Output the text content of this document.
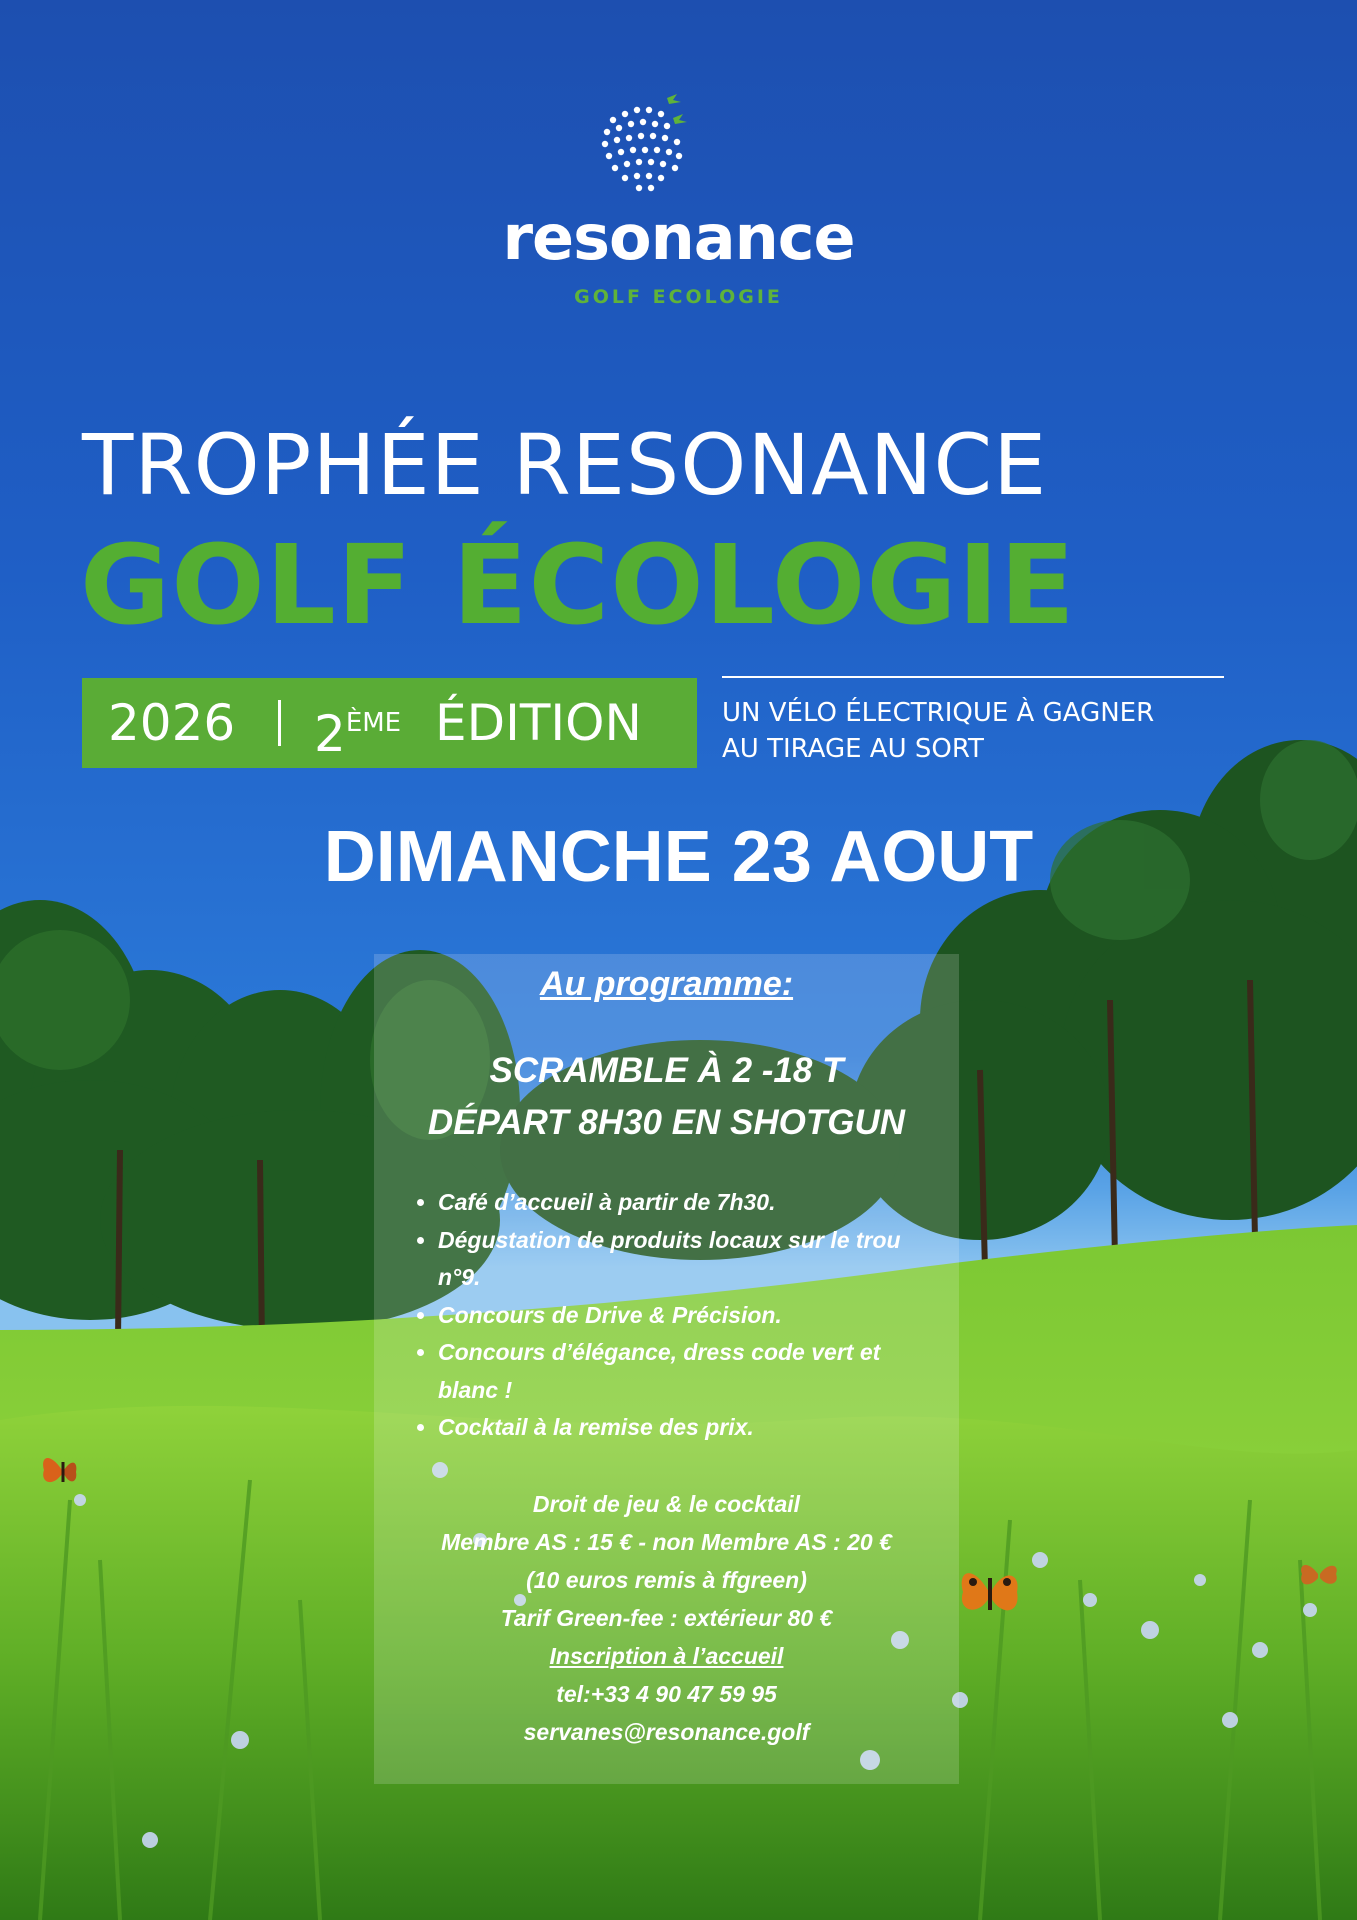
resonance
GOLF ECOLOGIE
TROPHÉE RESONANCE
GOLF ÉCOLOGIE
2026 2ÈME ÉDITION	UN VÉLO ÉLECTRIQUE À GAGNER
AU TIRAGE AU SORT
DIMANCHE 23 AOUT
Au programme:
SCRAMBLE À 2 -18 T
DÉPART 8H30 EN SHOTGUN
• Café d’accueil à partir de 7h30.
• Dégustation de produits locaux sur le trou n°9.
• Concours de Drive & Précision.
• Concours d’élégance, dress code vert et blanc !
• Cocktail à la remise des prix.
Droit de jeu & le cocktail
Membre AS : 15 € - non Membre AS : 20 €
(10 euros remis à ffgreen)
Tarif Green-fee : extérieur 80 €
Inscription à l’accueil
tel:+33 4 90 47 59 95
servanes@resonance.golf
